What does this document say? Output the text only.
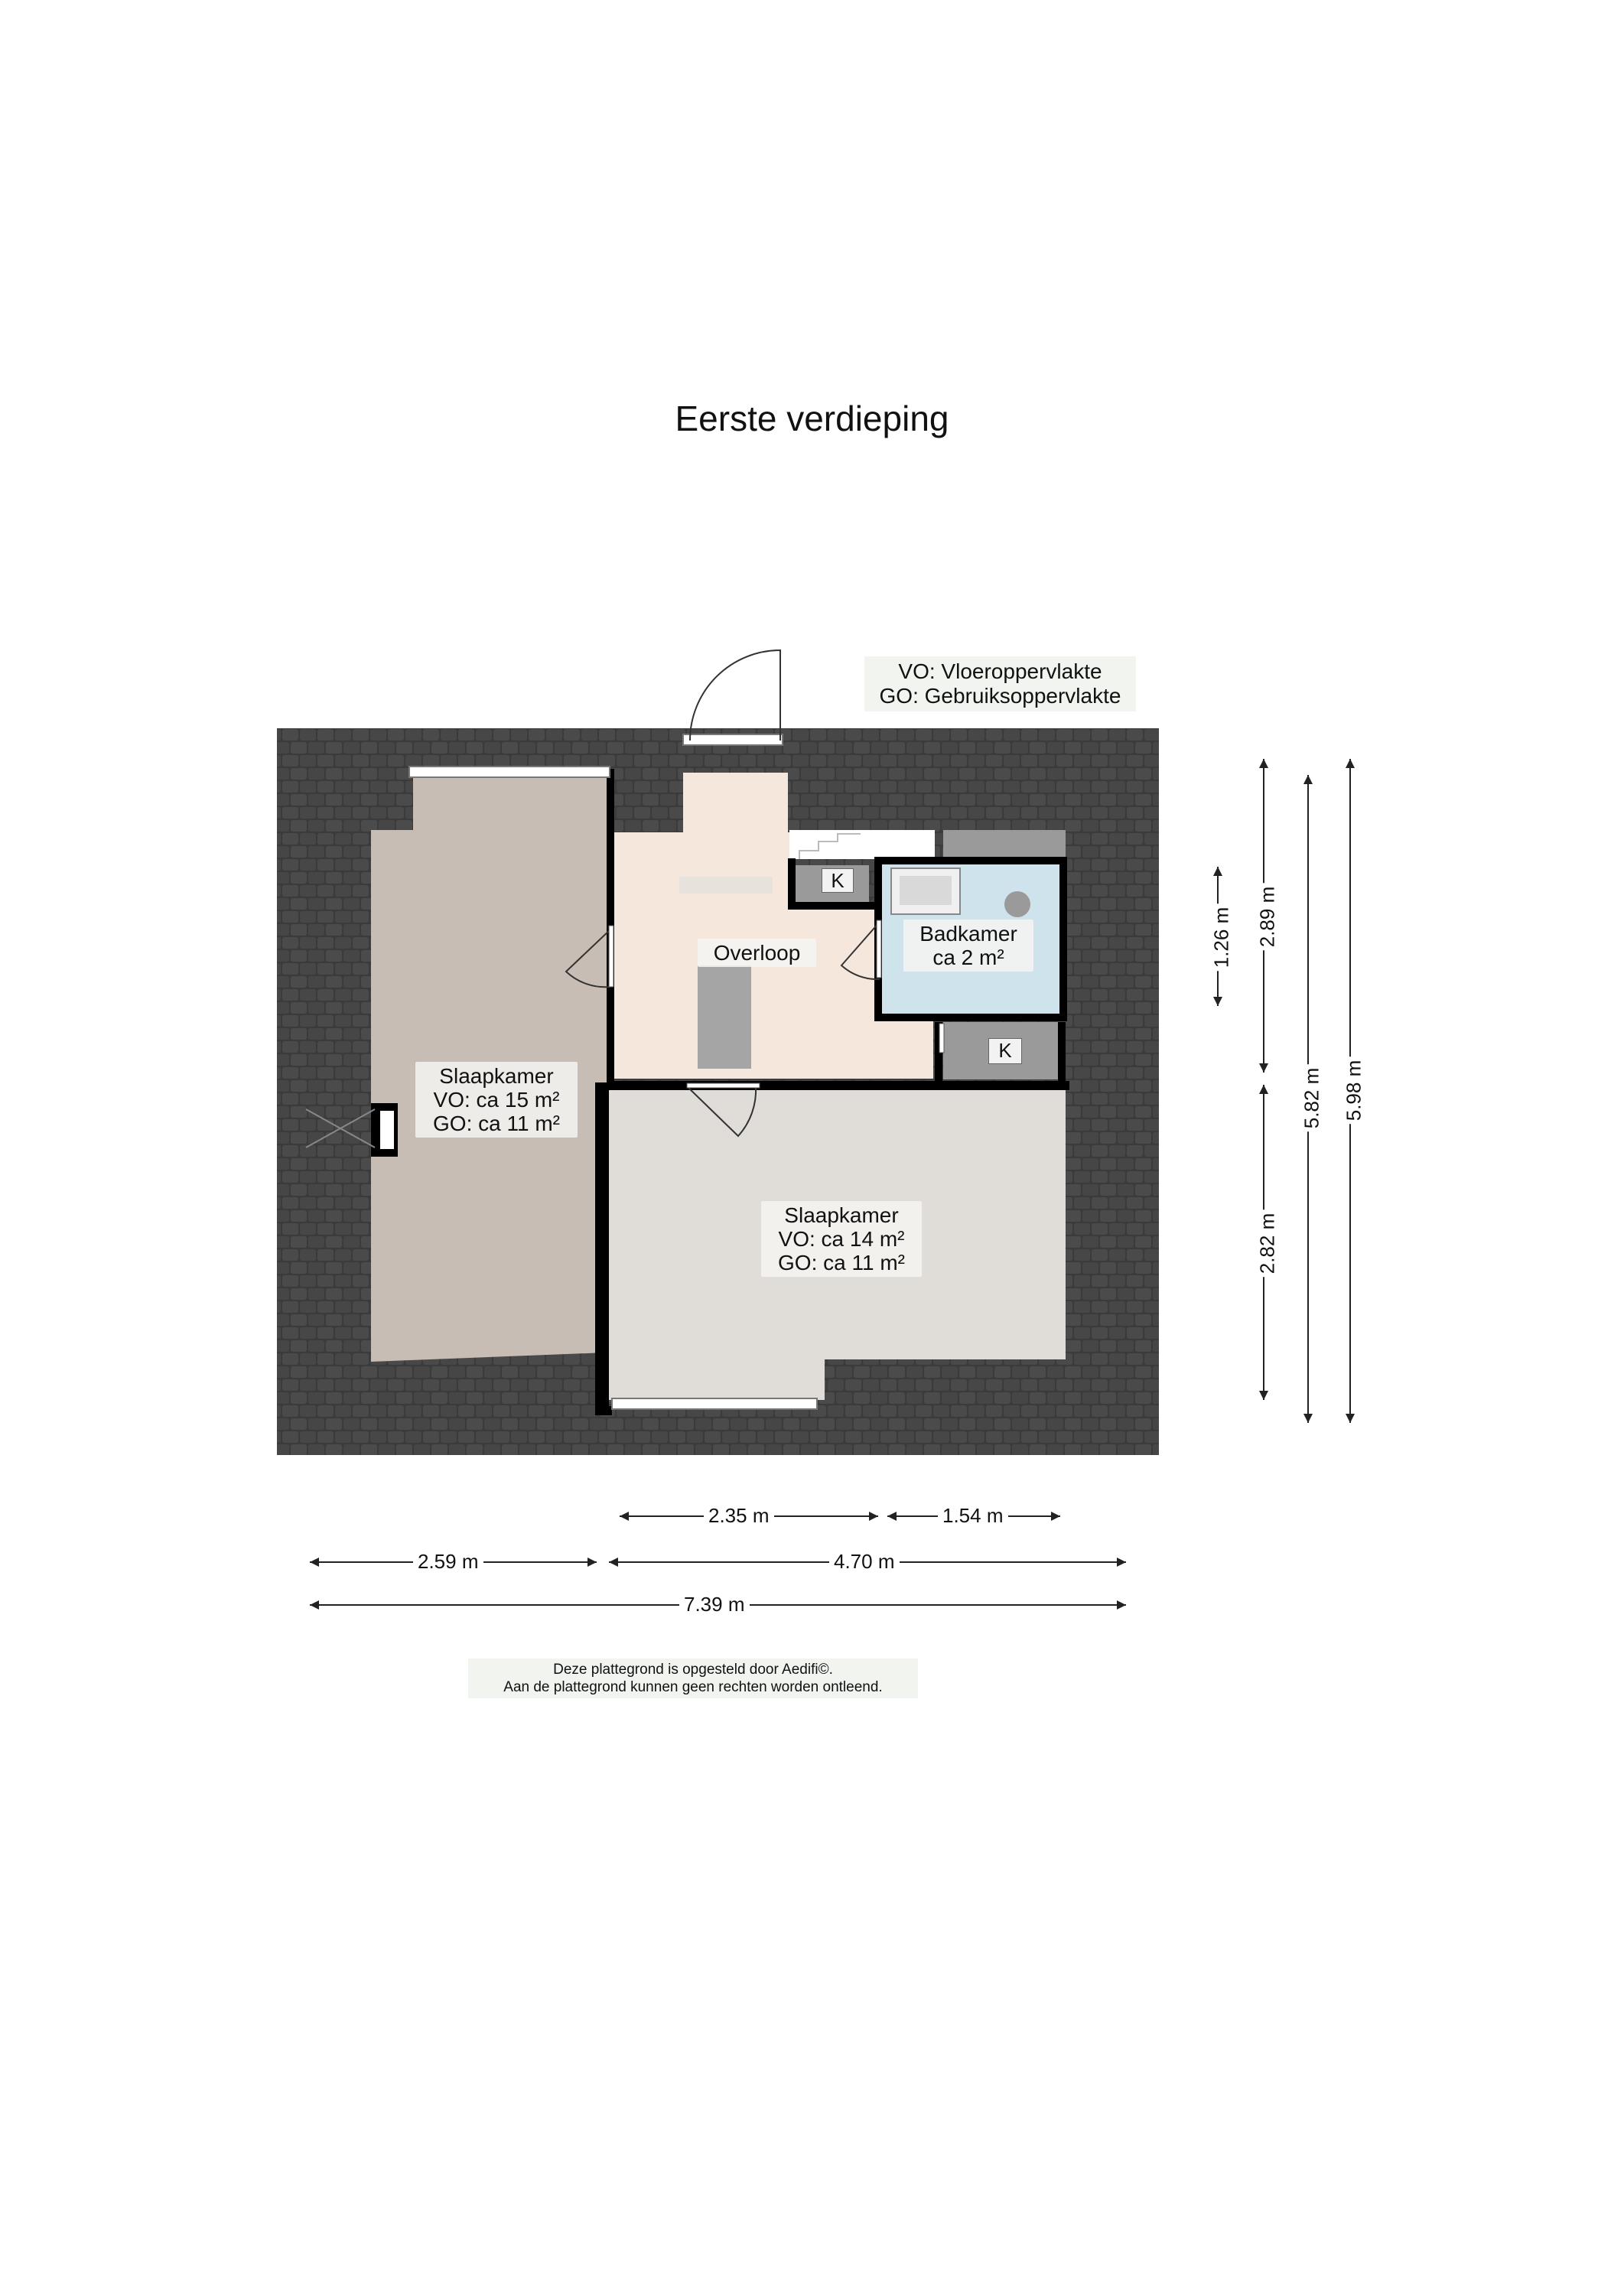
Eerste verdieping
VO: Vloeroppervlakte
GO: Gebruiksoppervlakte
Slaapkamer
VO: ca 15 m²
GO: ca 11 m²
Overloop
Badkamer
ca 2 m²
Slaapkamer
VO: ca 14 m²
GO: ca 11 m²
K
K
2.35 m	1.54 m
2.59 m	4.70 m
7.39 m
1.26 m 2.89 m
2.82 m
5.82 m 5.98 m
Deze plattegrond is opgesteld door Aedifi©.
Aan de plattegrond kunnen geen rechten worden ontleend.
